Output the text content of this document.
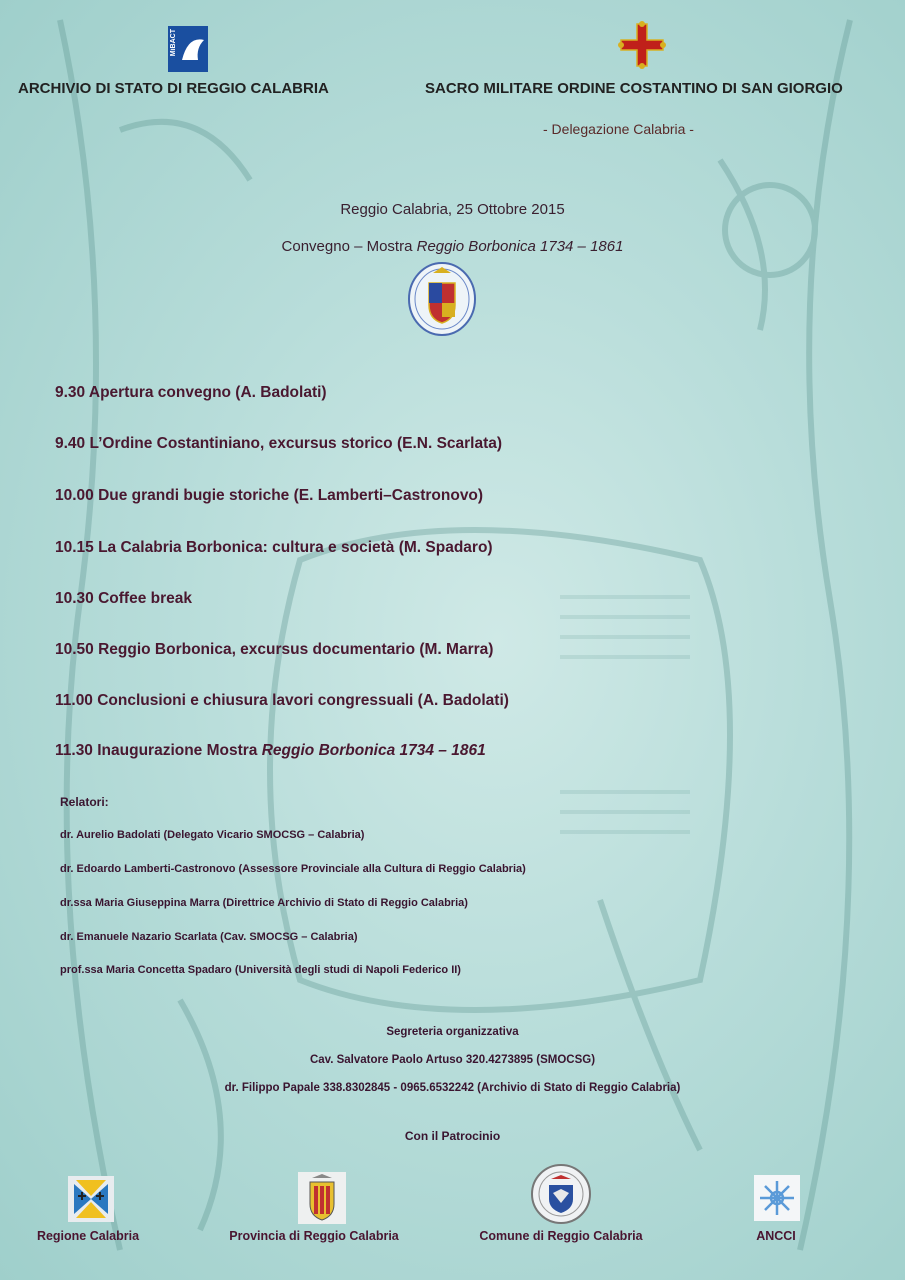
MiBACT
ARCHIVIO DI STATO DI REGGIO CALABRIA	SACRO MILITARE ORDINE COSTANTINO DI SAN GIORGIO
- Delegazione Calabria -
Reggio Calabria, 25 Ottobre 2015
Convegno – Mostra Reggio Borbonica 1734 – 1861
9.30 Apertura convegno (A. Badolati)
9.40 L’Ordine Costantiniano, excursus storico (E.N. Scarlata)
10.00 Due grandi bugie storiche (E. Lamberti–Castronovo)
10.15 La Calabria Borbonica: cultura e società (M. Spadaro)
10.30 Coffee break
10.50 Reggio Borbonica, excursus documentario (M. Marra)
11.00 Conclusioni e chiusura lavori congressuali (A. Badolati)
11.30 Inaugurazione Mostra Reggio Borbonica 1734 – 1861
Relatori:
dr. Aurelio Badolati (Delegato Vicario SMOCSG – Calabria)
dr. Edoardo Lamberti-Castronovo (Assessore Provinciale alla Cultura di Reggio Calabria)
dr.ssa Maria Giuseppina Marra (Direttrice Archivio di Stato di Reggio Calabria)
dr. Emanuele Nazario Scarlata (Cav. SMOCSG – Calabria)
prof.ssa Maria Concetta Spadaro (Università degli studi di Napoli Federico II)
Segreteria organizzativa
Cav. Salvatore Paolo Artuso 320.4273895 (SMOCSG)
dr. Filippo Papale 338.8302845 - 0965.6532242 (Archivio di Stato di Reggio Calabria)
Con il Patrocinio
Regione Calabria	Provincia di Reggio Calabria	Comune di Reggio Calabria	ANCCI
